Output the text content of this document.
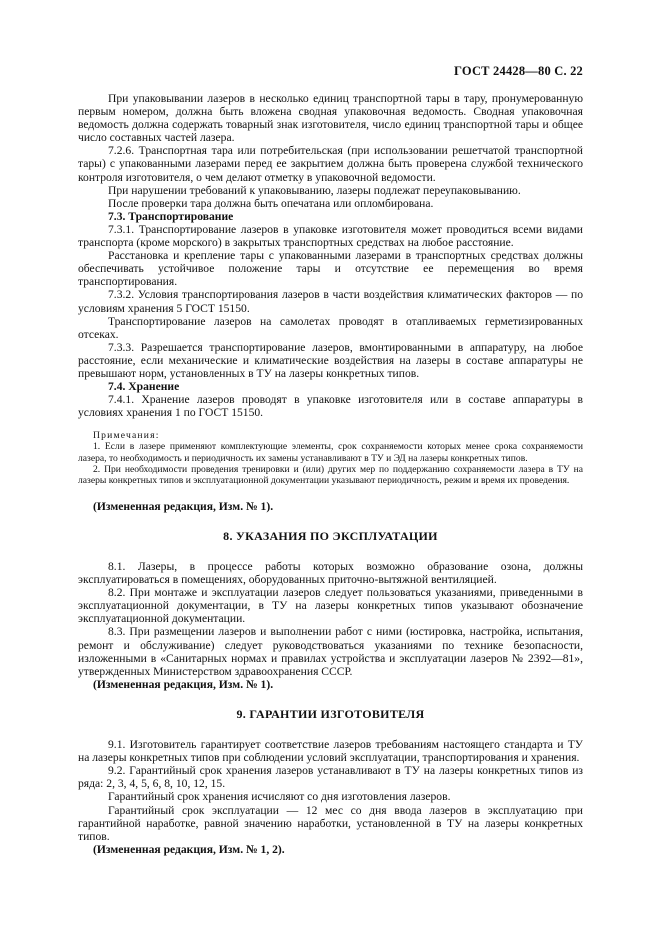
ГОСТ 24428—80 С. 22

При упаковывании лазеров в несколько единиц транспортной тары в тару, пронумерованную первым номером, должна быть вложена сводная упаковочная ведомость. Сводная упаковочная ведомость должна содержать товарный знак изготовителя, число единиц транспортной тары и общее число составных частей лазера.

7.2.6. Транспортная тара или потребительская (при использовании решетчатой транспортной тары) с упакованными лазерами перед ее закрытием должна быть проверена службой технического контроля изготовителя, о чем делают отметку в упаковочной ведомости.

При нарушении требований к упаковыванию, лазеры подлежат переупаковыванию.

После проверки тара должна быть опечатана или опломбирована.

7.3. Транспортирование

7.3.1. Транспортирование лазеров в упаковке изготовителя может проводиться всеми видами транспорта (кроме морского) в закрытых транспортных средствах на любое расстояние.

Расстановка и крепление тары с упакованными лазерами в транспортных средствах должны обеспечивать устойчивое положение тары и отсутствие ее перемещения во время транспортирования.

7.3.2. Условия транспортирования лазеров в части воздействия климатических факторов — по условиям хранения 5 ГОСТ 15150.

Транспортирование лазеров на самолетах проводят в отапливаемых герметизированных отсеках.

7.3.3. Разрешается транспортирование лазеров, вмонтированными в аппаратуру, на любое расстояние, если механические и климатические воздействия на лазеры в составе аппаратуры не превышают норм, установленных в ТУ на лазеры конкретных типов.

7.4. Хранение

7.4.1. Хранение лазеров проводят в упаковке изготовителя или в составе аппаратуры в условиях хранения 1 по ГОСТ 15150.

Примечания:

1. Если в лазере применяют комплектующие элементы, срок сохраняемости которых менее срока сохраняемости лазера, то необходимость и периодичность их замены устанавливают в ТУ и ЭД на лазеры конкретных типов.

2. При необходимости проведения тренировки и (или) других мер по поддержанию сохраняемости лазера в ТУ на лазеры конкретных типов и эксплуатационной документации указывают периодичность, режим и время их проведения.

(Измененная редакция, Изм. № 1).

8. УКАЗАНИЯ ПО ЭКСПЛУАТАЦИИ

8.1. Лазеры, в процессе работы которых возможно образование озона, должны эксплуатироваться в помещениях, оборудованных приточно-вытяжной вентиляцией.

8.2. При монтаже и эксплуатации лазеров следует пользоваться указаниями, приведенными в эксплуатационной документации, в ТУ на лазеры конкретных типов указывают обозначение эксплуатационной документации.

8.3. При размещении лазеров и выполнении работ с ними (юстировка, настройка, испытания, ремонт и обслуживание) следует руководствоваться указаниями по технике безопасности, изложенными в «Санитарных нормах и правилах устройства и эксплуатации лазеров № 2392—81», утвержденных Министерством здравоохранения СССР.

(Измененная редакция, Изм. № 1).

9. ГАРАНТИИ ИЗГОТОВИТЕЛЯ

9.1. Изготовитель гарантирует соответствие лазеров требованиям настоящего стандарта и ТУ на лазеры конкретных типов при соблюдении условий эксплуатации, транспортирования и хранения.

9.2. Гарантийный срок хранения лазеров устанавливают в ТУ на лазеры конкретных типов из ряда: 2, 3, 4, 5, 6, 8, 10, 12, 15.

Гарантийный срок хранения исчисляют со дня изготовления лазеров.

Гарантийный срок эксплуатации — 12 мес со дня ввода лазеров в эксплуатацию при гарантийной наработке, равной значению наработки, установленной в ТУ на лазеры конкретных типов.

(Измененная редакция, Изм. № 1, 2).
